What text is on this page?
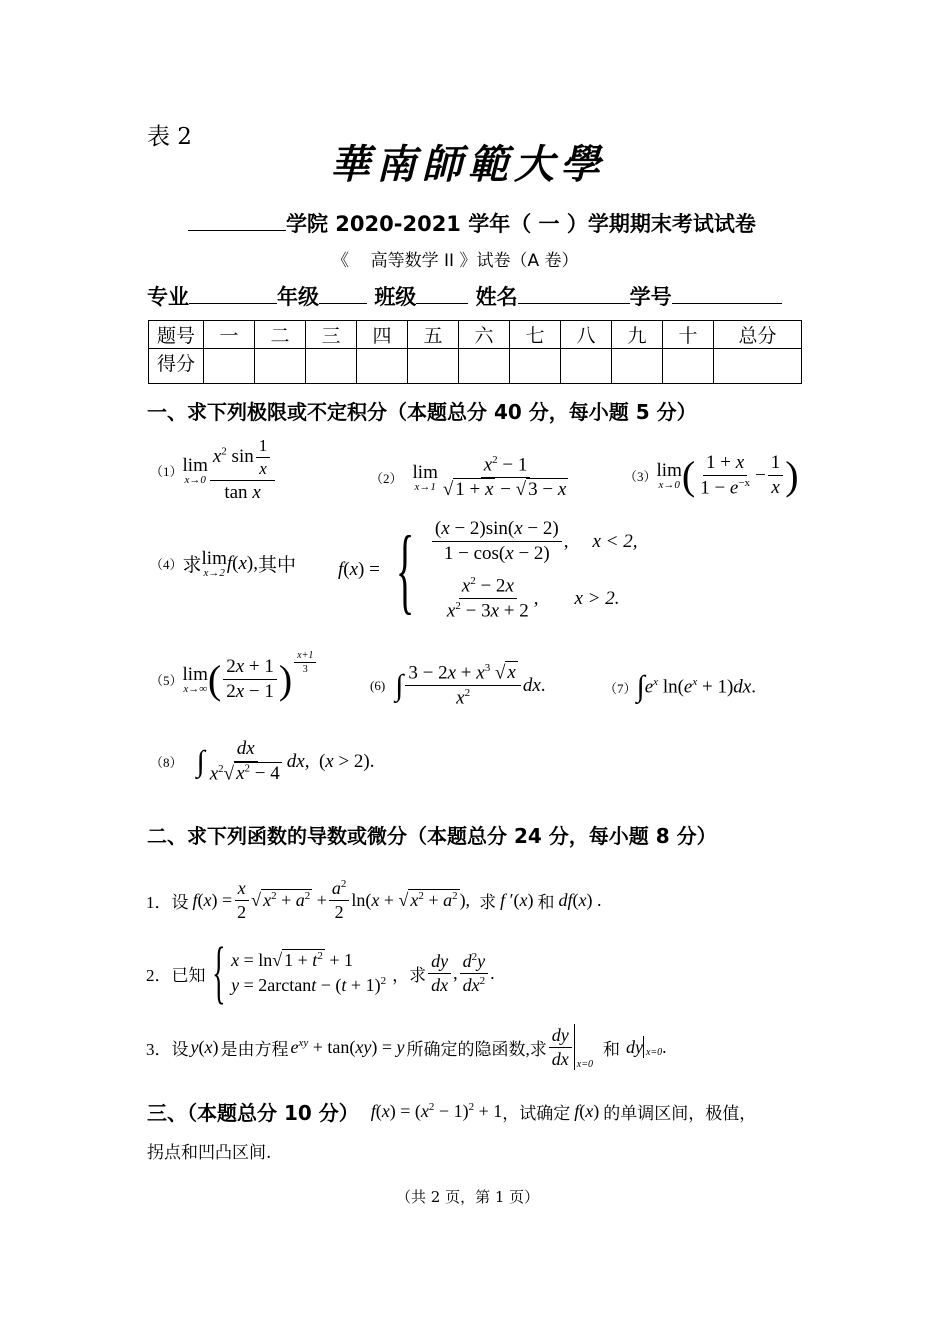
表 2
華南師範大學
学院 2020-2021 学年（ 一 ）学期期末考试试卷
《    高等数学 II 》试卷（A 卷）
专业	年级	班级	姓名	学号
题号	一	二	三	四	五	六	七	八	九	十	总分
得分											
一、求下列极限或不定积分（本题总分 40 分，每小题 5 分）
（1） lim
$x\to 0 \frac{x^2 \sin \frac{1}{x}}{\text{tan x}}$	（2） lim
$x\to 1 \frac{x^2 - 1}{√ 1 + x - √ 3 - x}$	（3） lim
x→0 ( $\frac{1 + x}{1 - e^{-x}} - \frac{1}{x}$ )
（4） 求 lim
x→2 f(x), 其中 f(x) = { $\frac{(x - 2)\sin(x - 2)}{1 - \cos(x - 2)}$ , x < 2,
$\frac{x^2 - 2x}{x^2 - 3x + 2}$ , x > 2.
（5） lim
x→∞ ( $\frac{2x + 1}{2x - 1}$ ) $\frac{x+1}{3}$
(6) ∫ $\frac{3 - 2x + x^3 √ x}{x^2}$ dx .	（7） ∫ $e^x$ $\ln(e^x + 1)dx$.
（8） ∫ $\frac{dx}{x^2√ x^2 - 4}$ dx,  (x > 2).
二、求下列函数的导数或微分（本题总分 24 分，每小题 8 分）
1．设 $f(x) = \frac{x}{2}$ √ $x^2 + a^2 + \frac{a^2}{2} \ln(x$ + √ $x^2 + a^2$ ), 求 f ′(x) 和 df(x) .
2．已知 { x = ln√ $1 + t^2 + 1$
$y = 2\arctan t - (t + 1)^2$ ，求 $\frac{dy}{dx}$ , $\frac{d^2y}{dx^2}$ .
3．设 y(x) 是由方程 $e^{xy} + \tan(xy) = y$ 所确定的隐函数,求 $\frac{dy}{dx} x=0$
和 dy x=0 .
三、（本题总分 10 分） $f(x) = (x^2 - 1)^2 + 1$ ，试确定 f(x) 的单调区间，极值，
拐点和凹凸区间.
（共 2 页，第 1 页）
